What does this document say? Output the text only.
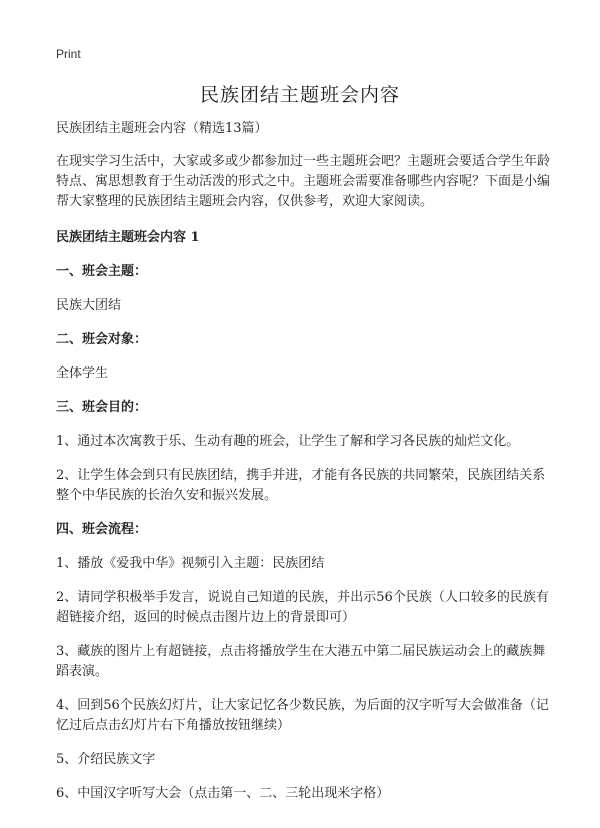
Print
民族团结主题班会内容

民族团结主题班会内容（精选13篇）

在现实学习生活中，大家或多或少都参加过一些主题班会吧？主题班会要适合学生年龄特点、寓思想教育于生动活泼的形式之中。主题班会需要准备哪些内容呢？下面是小编帮大家整理的民族团结主题班会内容，仅供参考，欢迎大家阅读。

民族团结主题班会内容 1

一、班会主题：

民族大团结

二、班会对象：

全体学生

三、班会目的：

1、通过本次寓教于乐、生动有趣的班会，让学生了解和学习各民族的灿烂文化。

2、让学生体会到只有民族团结，携手并进，才能有各民族的共同繁荣，民族团结关系整个中华民族的长治久安和振兴发展。

四、班会流程：

1、播放《爱我中华》视频引入主题：民族团结

2、请同学积极举手发言，说说自己知道的民族，并出示56个民族（人口较多的民族有超链接介绍，返回的时候点击图片边上的背景即可）

3、藏族的图片上有超链接，点击将播放学生在大港五中第二届民族运动会上的藏族舞蹈表演。

4、回到56个民族幻灯片，让大家记忆各少数民族，为后面的汉字听写大会做准备（记忆过后点击幻灯片右下角播放按钮继续）

5、介绍民族文字

6、中国汉字听写大会（点击第一、二、三轮出现米字格）
